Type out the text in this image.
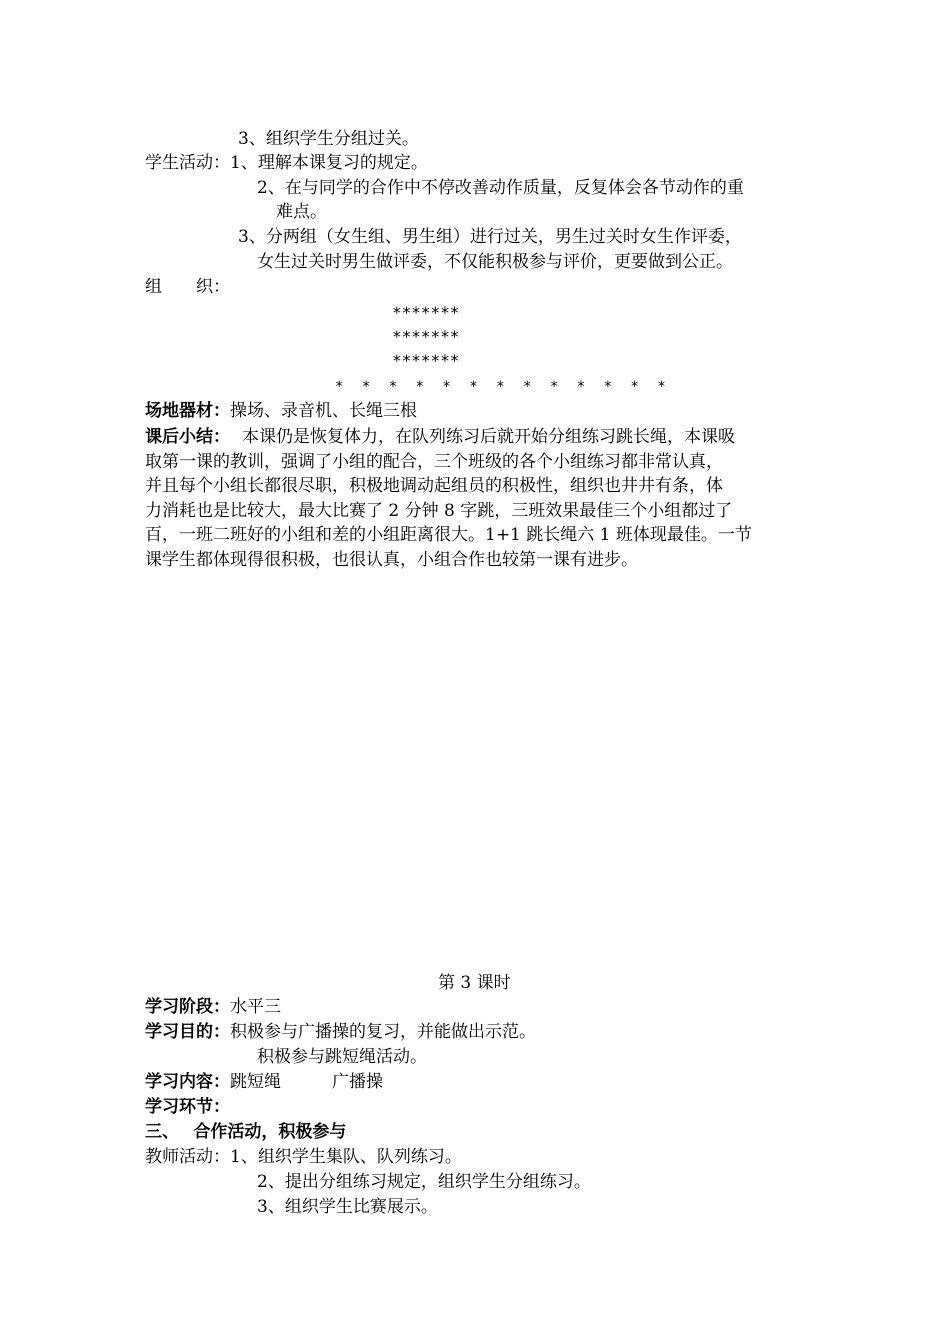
3、组织学生分组过关。
学生活动：1、理解本课复习的规定。
2、在与同学的合作中不停改善动作质量，反复体会各节动作的重
难点。
3、分两组（女生组、男生组）进行过关，男生过关时女生作评委，
女生过关时男生做评委，不仅能积极参与评价，更要做到公正。
组　　织：
*******
*******
*******
* * * * * * * * * * * * *
场地器材：操场、录音机、长绳三根
课后小结： 本课仍是恢复体力，在队列练习后就开始分组练习跳长绳，本课吸
取第一课的教训，强调了小组的配合，三个班级的各个小组练习都非常认真，
并且每个小组长都很尽职，积极地调动起组员的积极性，组织也井井有条，体
力消耗也是比较大，最大比赛了 2 分钟 8 字跳，三班效果最佳三个小组都过了
百，一班二班好的小组和差的小组距离很大。1+1 跳长绳六 1 班体现最佳。一节
课学生都体现得很积极，也很认真，小组合作也较第一课有进步。
第 3 课时
学习阶段：水平三
学习目的：积极参与广播操的复习，并能做出示范。
积极参与跳短绳活动。
学习内容：跳短绳　　　广播操
学习环节：
三、　 合作活动，积极参与
教师活动：1、组织学生集队、队列练习。
2、提出分组练习规定，组织学生分组练习。
3、组织学生比赛展示。
